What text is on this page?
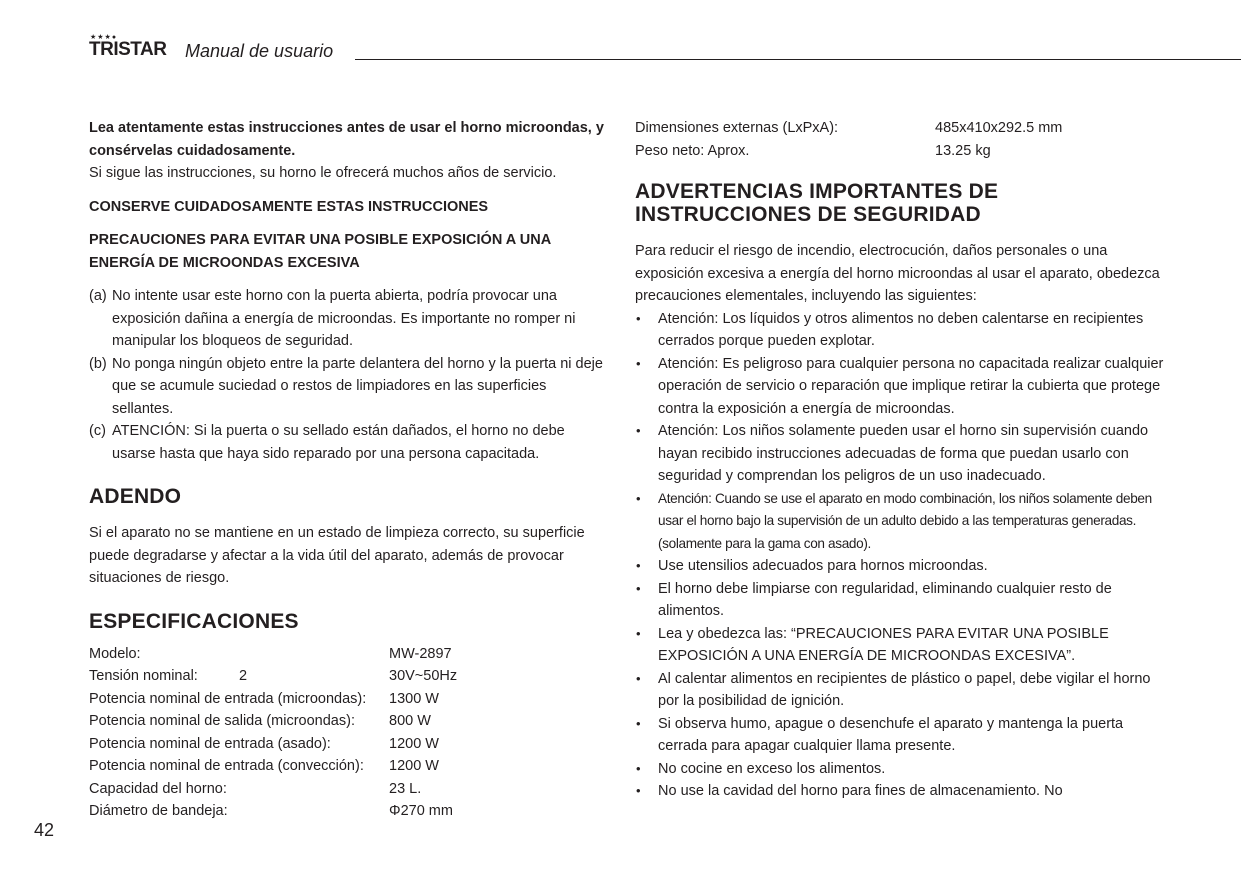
★★★●
TRISTAR Manual de usuario

Lea atentamente estas instrucciones antes de usar el horno microondas, y consérvelas cuidadosamente.

Si sigue las instrucciones, su horno le ofrecerá muchos años de servicio.

CONSERVE CUIDADOSAMENTE ESTAS INSTRUCCIONES

PRECAUCIONES PARA EVITAR UNA POSIBLE EXPOSICIÓN A UNA ENERGÍA DE MICROONDAS EXCESIVA

(a) No intente usar este horno con la puerta abierta, podría provocar una exposición dañina a energía de microondas. Es importante no romper ni manipular los bloqueos de seguridad.
(b) No ponga ningún objeto entre la parte delantera del horno y la puerta ni deje que se acumule suciedad o restos de limpiadores en las superficies sellantes.
(c) ATENCIÓN: Si la puerta o su sellado están dañados, el horno no debe usarse hasta que haya sido reparado por una persona capacitada.
ADENDO

Si el aparato no se mantiene en un estado de limpieza correcto, su superficie puede degradarse y afectar a la vida útil del aparato, además de provocar situaciones de riesgo.

ESPECIFICACIONES
Modelo:	MW-2897
Tensión nominal:	2	30V~50Hz
Potencia nominal de entrada (microondas): 1300 W
Potencia nominal de salida (microondas): 800 W
Potencia nominal de entrada (asado):	1200 W
Potencia nominal de entrada (convección): 1200 W
Capacidad del horno:	23 L.
Diámetro de bandeja:	Φ270 mm
Dimensiones externas (LxPxA):	485x410x292.5 mm
Peso neto: Aprox.	13.25 kg
ADVERTENCIAS IMPORTANTES DE
INSTRUCCIONES DE SEGURIDAD

Para reducir el riesgo de incendio, electrocución, daños personales o una exposición excesiva a energía del horno microondas al usar el aparato, obedezca precauciones elementales, incluyendo las siguientes:

• Atención: Los líquidos y otros alimentos no deben calentarse en recipientes cerrados porque pueden explotar.
• Atención: Es peligroso para cualquier persona no capacitada realizar cualquier operación de servicio o reparación que implique retirar la cubierta que protege contra la exposición a energía de microondas.
• Atención: Los niños solamente pueden usar el horno sin supervisión cuando hayan recibido instrucciones adecuadas de forma que puedan usarlo con seguridad y comprendan los peligros de un uso inadecuado.
• Atención: Cuando se use el aparato en modo combinación, los niños solamente deben usar el horno bajo la supervisión de un adulto debido a las temperaturas generadas. (solamente para la gama con asado).
• Use utensilios adecuados para hornos microondas.
• El horno debe limpiarse con regularidad, eliminando cualquier resto de alimentos.
• Lea y obedezca las: “PRECAUCIONES PARA EVITAR UNA POSIBLE EXPOSICIÓN A UNA ENERGÍA DE MICROONDAS EXCESIVA”.
• Al calentar alimentos en recipientes de plástico o papel, debe vigilar el horno por la posibilidad de ignición.
• Si observa humo, apague o desenchufe el aparato y mantenga la puerta cerrada para apagar cualquier llama presente.
• No cocine en exceso los alimentos.
• No use la cavidad del horno para fines de almacenamiento. No
42
